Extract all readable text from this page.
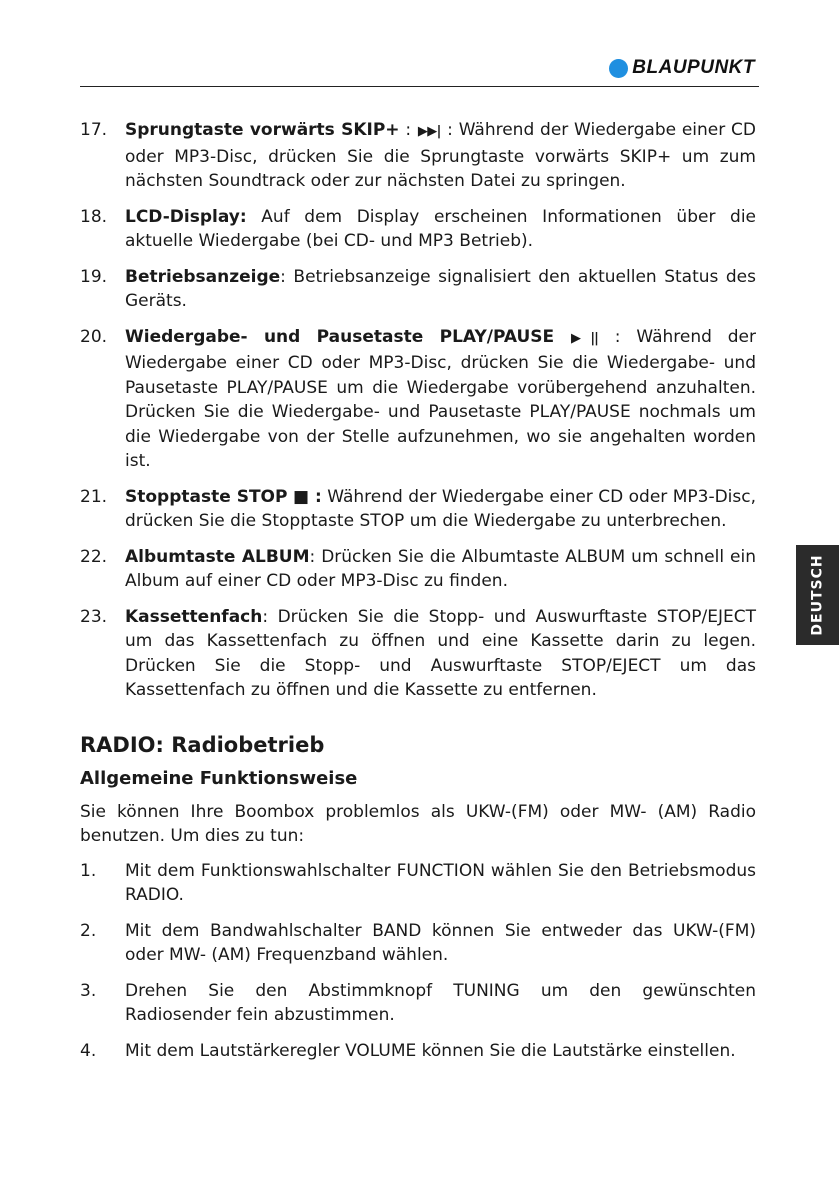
BLAUPUNKT
17.	Sprungtaste vorwärts SKIP+ : ▶▶| : Während der Wiedergabe einer CD oder MP3-Disc, drücken Sie die Sprungtaste vorwärts SKIP+ um zum nächsten Soundtrack oder zur nächsten Datei zu springen.
18.	LCD-Display: Auf dem Display erscheinen Informationen über die aktuelle Wiedergabe (bei CD- und MP3 Betrieb).
19.	Betriebsanzeige: Betriebsanzeige signalisiert den aktuellen Status des Geräts.
20.	Wiedergabe- und Pausetaste PLAY/PAUSE ▶|| : Während der Wiedergabe einer CD oder MP3-Disc, drücken Sie die Wiedergabe- und Pausetaste PLAY/PAUSE um die Wiedergabe vorübergehend anzuhalten. Drücken Sie die Wiedergabe- und Pausetaste PLAY/PAUSE nochmals um die Wiedergabe von der Stelle aufzunehmen, wo sie angehalten worden ist.
21.	Stopptaste STOP ■ : Während der Wiedergabe einer CD oder MP3-Disc, drücken Sie die Stopptaste STOP um die Wiedergabe zu unterbrechen.
22.	Albumtaste ALBUM: Drücken Sie die Albumtaste ALBUM um schnell ein Album auf einer CD oder MP3-Disc zu finden.
23.	Kassettenfach: Drücken Sie die Stopp- und Auswurftaste STOP/EJECT um das Kassettenfach zu öffnen und eine Kassette darin zu legen. Drücken Sie die Stopp- und Auswurftaste STOP/EJECT um das Kassettenfach zu öffnen und die Kassette zu entfernen.
RADIO: Radiobetrieb
Allgemeine Funktionsweise
Sie können Ihre Boombox problemlos als UKW-(FM) oder MW- (AM) Radio benutzen. Um dies zu tun:
1.	Mit dem Funktionswahlschalter FUNCTION wählen Sie den Betriebsmodus RADIO.
2.	Mit dem Bandwahlschalter BAND können Sie entweder das UKW-(FM) oder MW- (AM) Frequenzband wählen.
3.	Drehen Sie den Abstimmknopf TUNING um den gewünschten Radiosender fein abzustimmen.
4.	Mit dem Lautstärkeregler VOLUME können Sie die Lautstärke einstellen.
DEUTSCH
